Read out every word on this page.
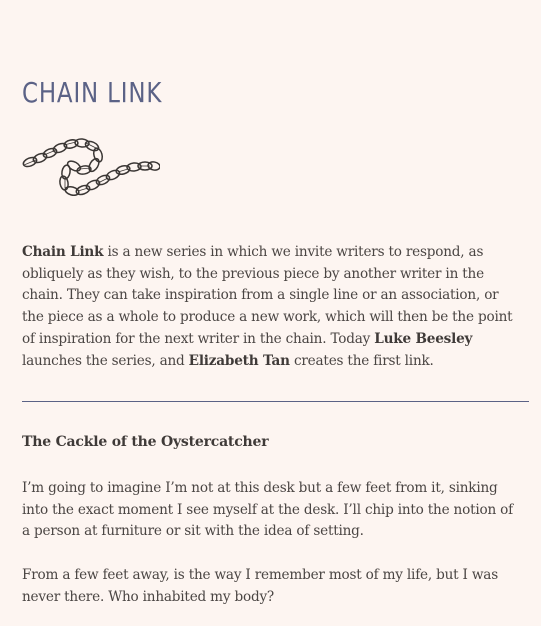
CHAIN LINK

Chain Link is a new series in which we invite writers to respond, as obliquely as they wish, to the previous piece by another writer in the chain. They can take inspiration from a single line or an association, or the piece as a whole to produce a new work, which will then be the point of inspiration for the next writer in the chain. Today Luke Beesley launches the series, and Elizabeth Tan creates the first link.

The Cackle of the Oystercatcher

I’m going to imagine I’m not at this desk but a few feet from it, sinking into the exact moment I see myself at the desk. I’ll chip into the notion of a person at furniture or sit with the idea of setting.

From a few feet away, is the way I remember most of my life, but I was never there. Who inhabited my body?
